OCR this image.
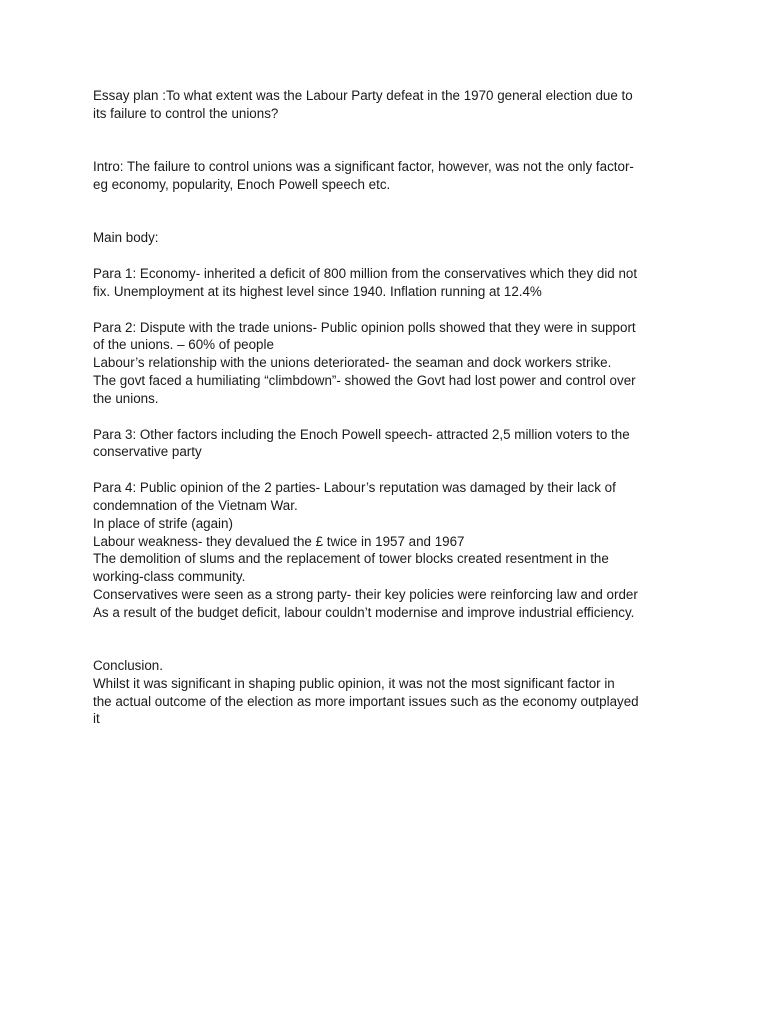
Essay plan :To what extent was the Labour Party defeat in the 1970 general election due to
its failure to control the unions?

Intro: The failure to control unions was a significant factor, however, was not the only factor-
eg economy, popularity, Enoch Powell speech etc.

Main body:

Para 1: Economy- inherited a deficit of 800 million from the conservatives which they did not
fix. Unemployment at its highest level since 1940. Inflation running at 12.4%

Para 2: Dispute with the trade unions- Public opinion polls showed that they were in support
of the unions. – 60% of people
Labour’s relationship with the unions deteriorated- the seaman and dock workers strike.
The govt faced a humiliating “climbdown”- showed the Govt had lost power and control over
the unions.

Para 3: Other factors including the Enoch Powell speech- attracted 2,5 million voters to the
conservative party

Para 4: Public opinion of the 2 parties- Labour’s reputation was damaged by their lack of
condemnation of the Vietnam War.
In place of strife (again)
Labour weakness- they devalued the £ twice in 1957 and 1967
The demolition of slums and the replacement of tower blocks created resentment in the
working-class community.
Conservatives were seen as a strong party- their key policies were reinforcing law and order
As a result of the budget deficit, labour couldn’t modernise and improve industrial efficiency.

Conclusion.

Whilst it was significant in shaping public opinion, it was not the most significant factor in
the actual outcome of the election as more important issues such as the economy outplayed
it
